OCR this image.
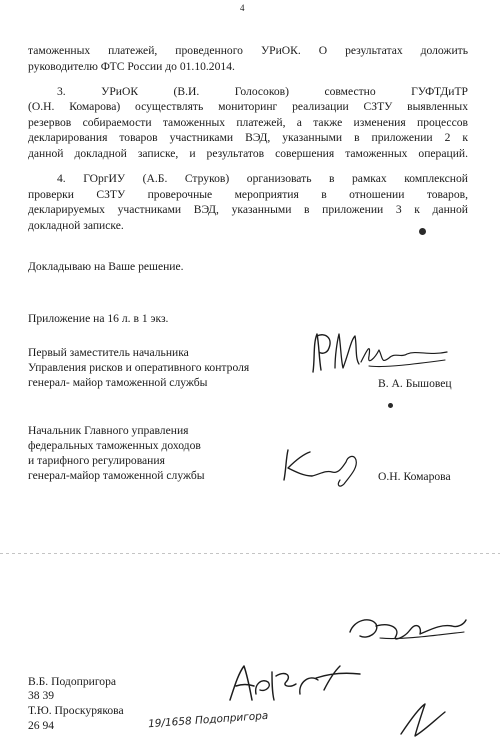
4
таможенных платежей, проведенного УРиОК. О результатах доложить
руководителю ФТС России до 01.10.2014.
3. УРиОК (В.И. Голосоков) совместно ГУФТДиТР
(О.Н. Комарова) осуществлять мониторинг реализации СЗТУ выявленных
резервов собираемости таможенных платежей, а также изменения процессов
декларирования товаров участниками ВЭД, указанными в приложении 2 к
данной докладной записке, и результатов совершения таможенных операций.
4. ГОргИУ (А.Б. Струков) организовать в рамках комплексной
проверки СЗТУ проверочные мероприятия в отношении товаров,
декларируемых участниками ВЭД, указанными в приложении 3 к данной
докладной записке.
Докладываю на Ваше решение.
Приложение на 16 л. в 1 экз.
Первый заместитель начальника
Управления рисков и оперативного контроля
генерал- майор таможенной службы	В. А. Бышовец
Начальник Главного управления
федеральных таможенных доходов
и тарифного регулирования
генерал-майор таможенной службы	О.Н. Комарова
В.Б. Подопригора
38 39
Т.Ю. Проскурякова
26 94	19/1658 Подопригора
